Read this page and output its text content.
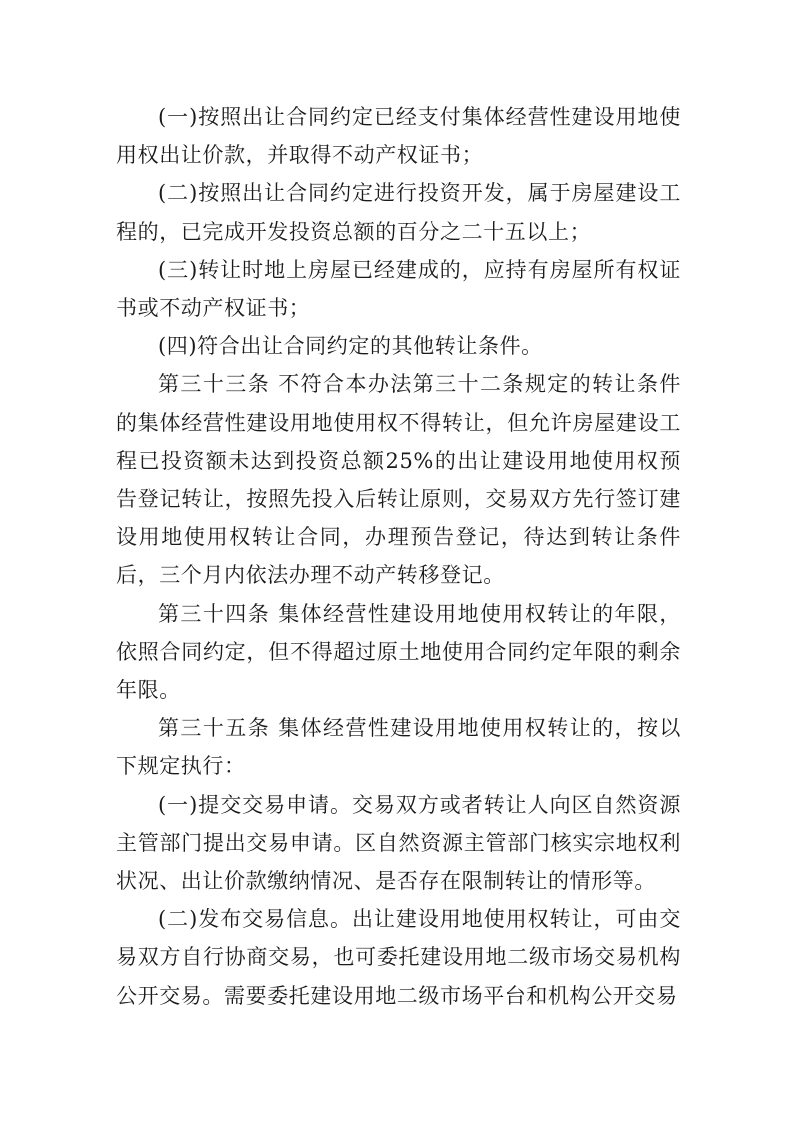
(一)按照出让合同约定已经支付集体经营性建设用地使用权出让价款，并取得不动产权证书；

(二)按照出让合同约定进行投资开发，属于房屋建设工程的，已完成开发投资总额的百分之二十五以上；

(三)转让时地上房屋已经建成的，应持有房屋所有权证书或不动产权证书；

(四)符合出让合同约定的其他转让条件。

第三十三条 不符合本办法第三十二条规定的转让条件的集体经营性建设用地使用权不得转让，但允许房屋建设工程已投资额未达到投资总额25%的出让建设用地使用权预告登记转让，按照先投入后转让原则，交易双方先行签订建设用地使用权转让合同，办理预告登记，待达到转让条件后，三个月内依法办理不动产转移登记。

第三十四条 集体经营性建设用地使用权转让的年限，依照合同约定，但不得超过原土地使用合同约定年限的剩余年限。

第三十五条 集体经营性建设用地使用权转让的，按以下规定执行：

(一)提交交易申请。交易双方或者转让人向区自然资源主管部门提出交易申请。区自然资源主管部门核实宗地权利状况、出让价款缴纳情况、是否存在限制转让的情形等。

(二)发布交易信息。出让建设用地使用权转让，可由交易双方自行协商交易，也可委托建设用地二级市场交易机构公开交易。需要委托建设用地二级市场平台和机构公开交易
